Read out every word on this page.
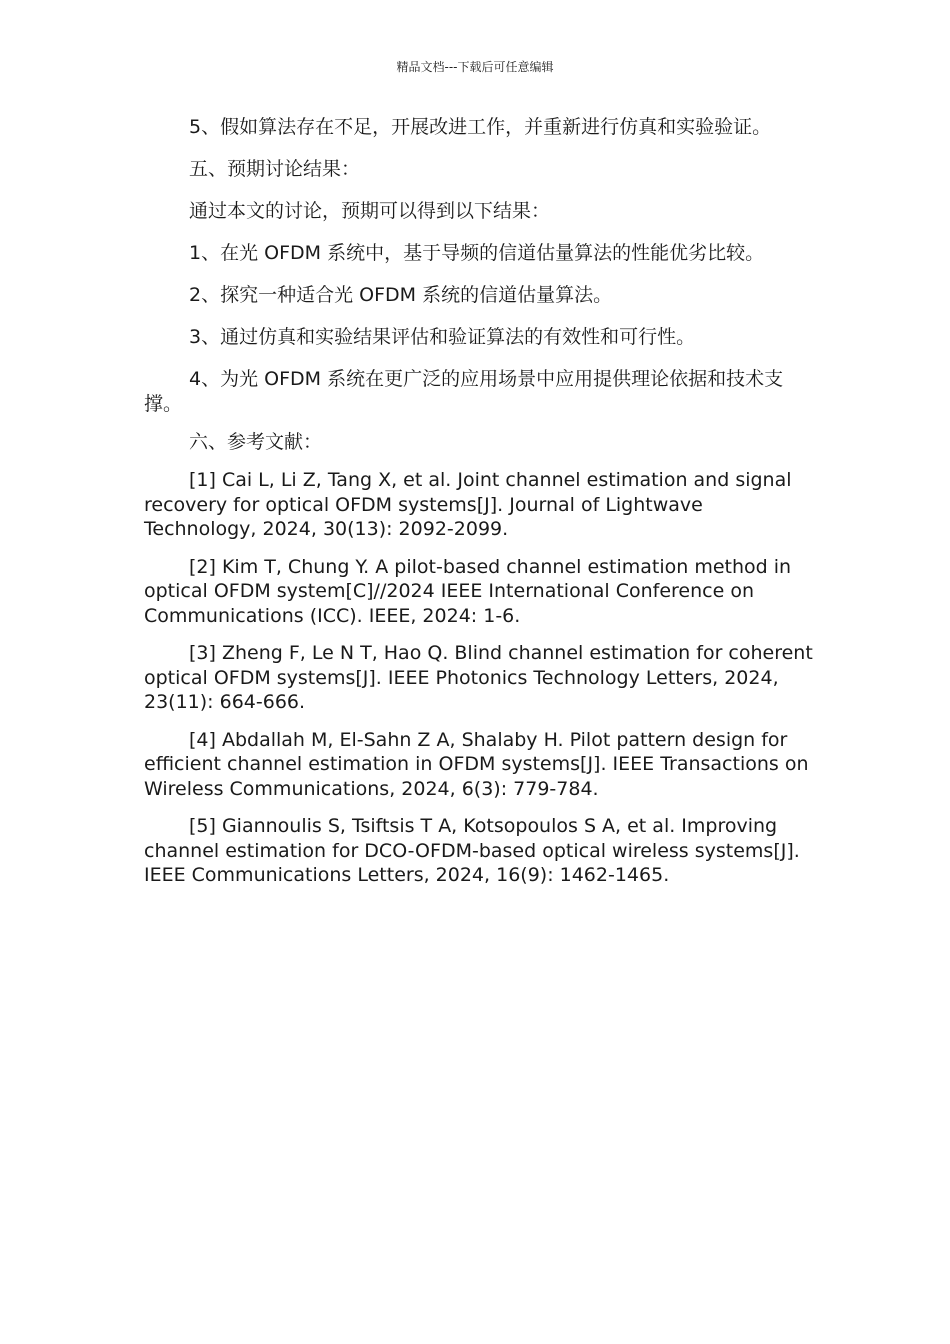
精品文档---下载后可任意编辑

5、假如算法存在不足，开展改进工作，并重新进行仿真和实验验证。

五、预期讨论结果：

通过本文的讨论，预期可以得到以下结果：

1、在光 OFDM 系统中，基于导频的信道估量算法的性能优劣比较。

2、探究一种适合光 OFDM 系统的信道估量算法。

3、通过仿真和实验结果评估和验证算法的有效性和可行性。

4、为光 OFDM 系统在更广泛的应用场景中应用提供理论依据和技术支撑。

六、参考文献：

[1] Cai L, Li Z, Tang X, et al. Joint channel estimation and signal recovery for optical OFDM systems[J]. Journal of Lightwave Technology, 2024, 30(13): 2092-2099.

[2] Kim T, Chung Y. A pilot-based channel estimation method in optical OFDM system[C]//2024 IEEE International Conference on Communications (ICC). IEEE, 2024: 1-6.

[3] Zheng F, Le N T, Hao Q. Blind channel estimation for coherent optical OFDM systems[J]. IEEE Photonics Technology Letters, 2024, 23(11): 664-666.

[4] Abdallah M, El-Sahn Z A, Shalaby H. Pilot pattern design for efficient channel estimation in OFDM systems[J]. IEEE Transactions on Wireless Communications, 2024, 6(3): 779-784.

[5] Giannoulis S, Tsiftsis T A, Kotsopoulos S A, et al. Improving channel estimation for DCO-OFDM-based optical wireless systems[J]. IEEE Communications Letters, 2024, 16(9): 1462-1465.
